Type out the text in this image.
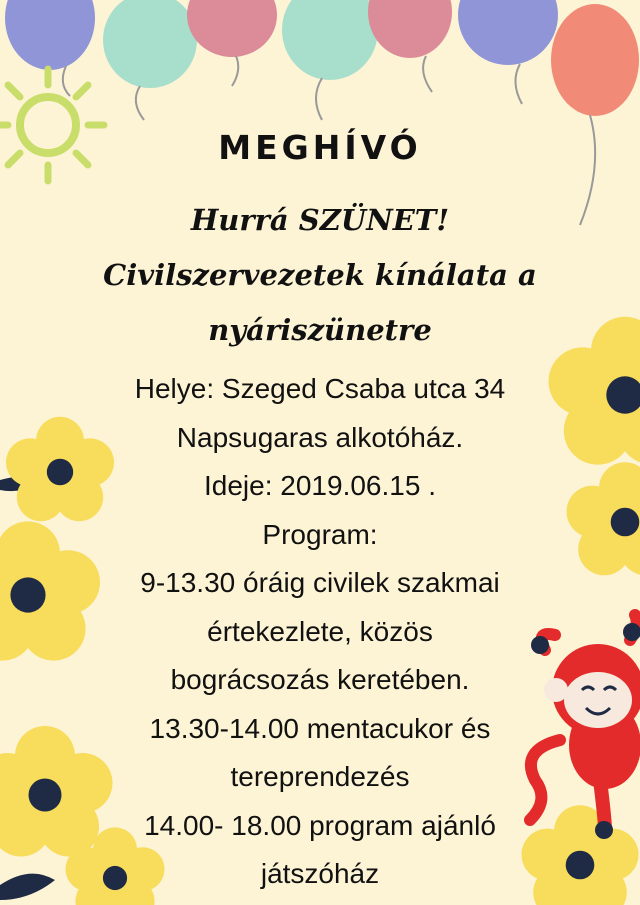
MEGHÍVÓ
Hurrá SZÜNET!
Civilszervezetek kínálata a
nyáriszünetre
Helye: Szeged Csaba utca 34
Napsugaras alkotóház.
Ideje: 2019.06.15 .
Program:
9-13.30 óráig civilek szakmai
értekezlete, közös
bográcsozás keretében.
13.30-14.00 mentacukor és
tereprendezés
14.00- 18.00 program ajánló
játszóház
